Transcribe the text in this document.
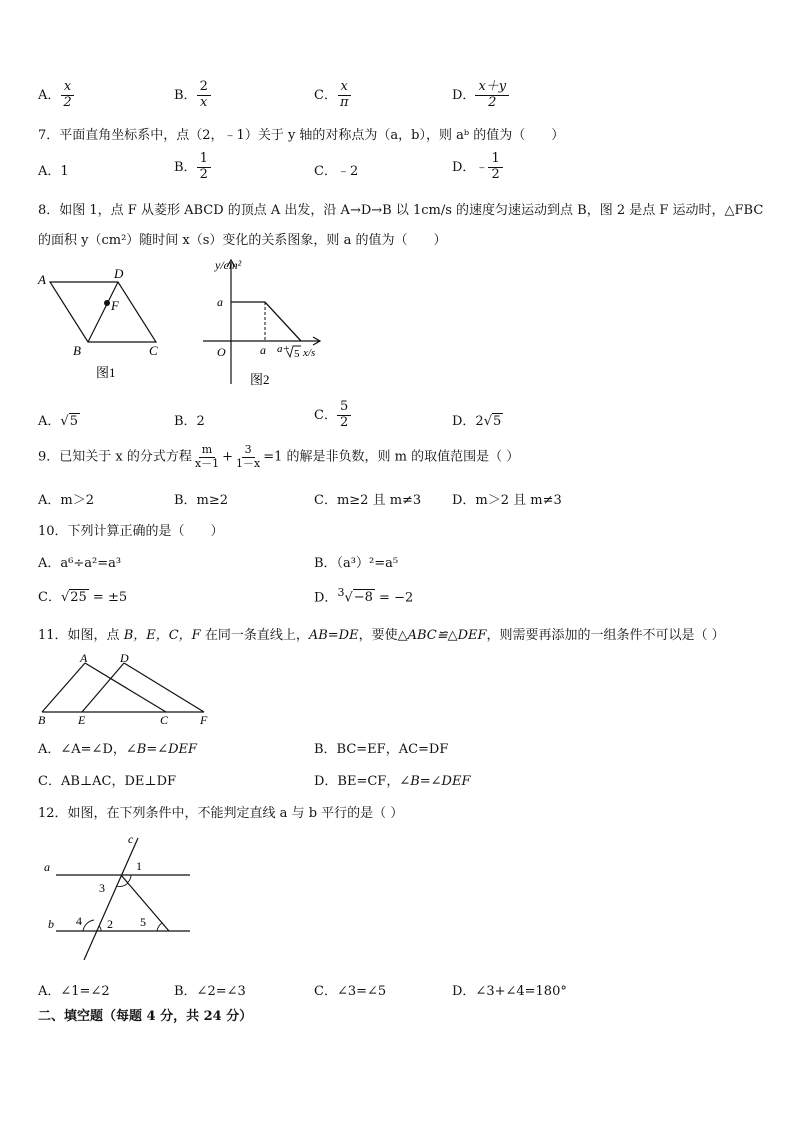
A． $\frac{x}{2}$	B． $\frac{2}{x}$	C． $\frac{x}{\pi}$	D． $\frac{x+y}{2}$
7．平面直角坐标系中，点（2，﹣1）关于 y 轴的对称点为（a，b），则 aᵇ 的值为（　　）
A．1	B． $\frac{1}{2}$	C．﹣2	D．﹣ $\frac{1}{2}$
8．如图 1，点 F 从菱形 ABCD 的顶点 A 出发，沿 A→D→B 以 1cm/s 的速度匀速运动到点 B，图 2 是点 F 运动时，△FBC
的面积 y（cm²）随时间 x（s）变化的关系图象，则 a 的值为（　　）
A	D
F
B	C
图1
y/cm²
a
O	a a+ 5 x/s
图2
A．√5	B．2	C． $\frac{5}{2}$	D．2√5
9．已知关于 x 的分式方程 $\frac{m}{x-1} + \frac{3}{1-x} =1$ 的解是非负数，则 m 的取值范围是（ ）
A．m＞2	B．m≥2	C．m≥2 且 m≠3 D．m＞2 且 m≠3
10．下列计算正确的是（　　）
A．a⁶÷a²=a³	B．（a³）²=a⁵
C．√25 = ±5	D．$^3$√−8 = −2
11．如图，点 B，E，C，F 在同一条直线上，AB=DE，要使△ABC≌△DEF，则需要再添加的一组条件不可以是（ ）
A	D
B	E	C	F
A．∠A=∠D，∠B=∠DEF	B．BC=EF，AC=DF
C．AB⊥AC，DE⊥DF	D．BE=CF，∠B=∠DEF
12．如图，在下列条件中，不能判定直线 a 与 b 平行的是（ ）
a
b
c
1
3
4 2 5
A．∠1=∠2	B．∠2=∠3	C．∠3=∠5	D．∠3+∠4=180°
二、填空题（每题 4 分，共 24 分）
